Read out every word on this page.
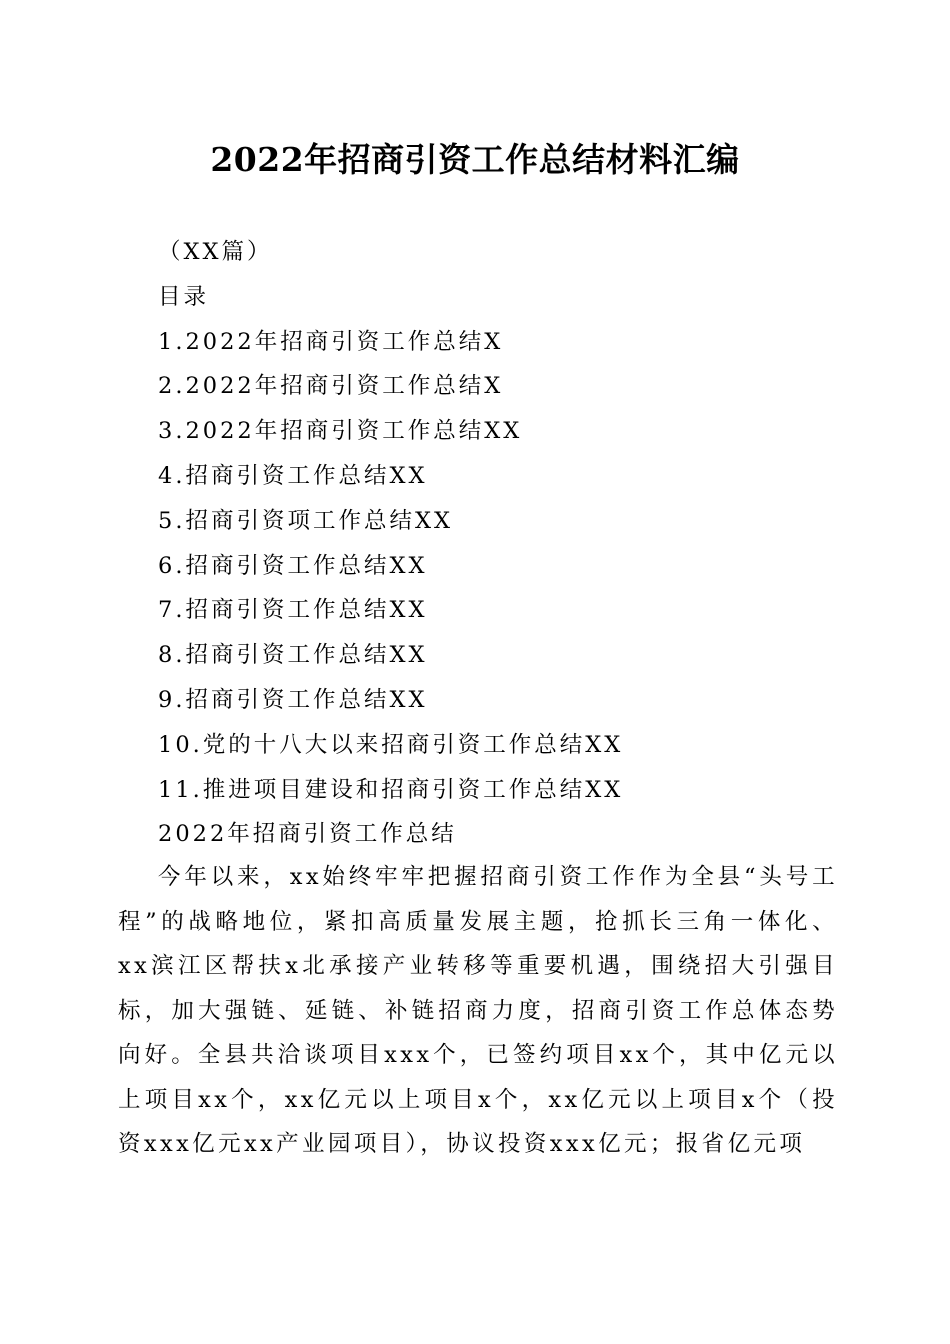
2022年招商引资工作总结材料汇编
（XX篇）
目录
1.2022年招商引资工作总结X
2.2022年招商引资工作总结X
3.2022年招商引资工作总结XX
4.招商引资工作总结XX
5.招商引资项工作总结XX
6.招商引资工作总结XX
7.招商引资工作总结XX
8.招商引资工作总结XX
9.招商引资工作总结XX
10.党的十八大以来招商引资工作总结XX
11.推进项目建设和招商引资工作总结XX
2022年招商引资工作总结

今年以来，xx始终牢牢把握招商引资工作作为全县“头号工程”的战略地位，紧扣高质量发展主题，抢抓长三角一体化、xx滨江区帮扶x北承接产业转移等重要机遇，围绕招大引强目标，加大强链、延链、补链招商力度，招商引资工作总体态势向好。全县共洽谈项目xxx个，已签约项目xx个，其中亿元以上项目xx个，xx亿元以上项目x个，xx亿元以上项目x个（投资xxx亿元xx产业园项目），协议投资xxx亿元；报省亿元项
